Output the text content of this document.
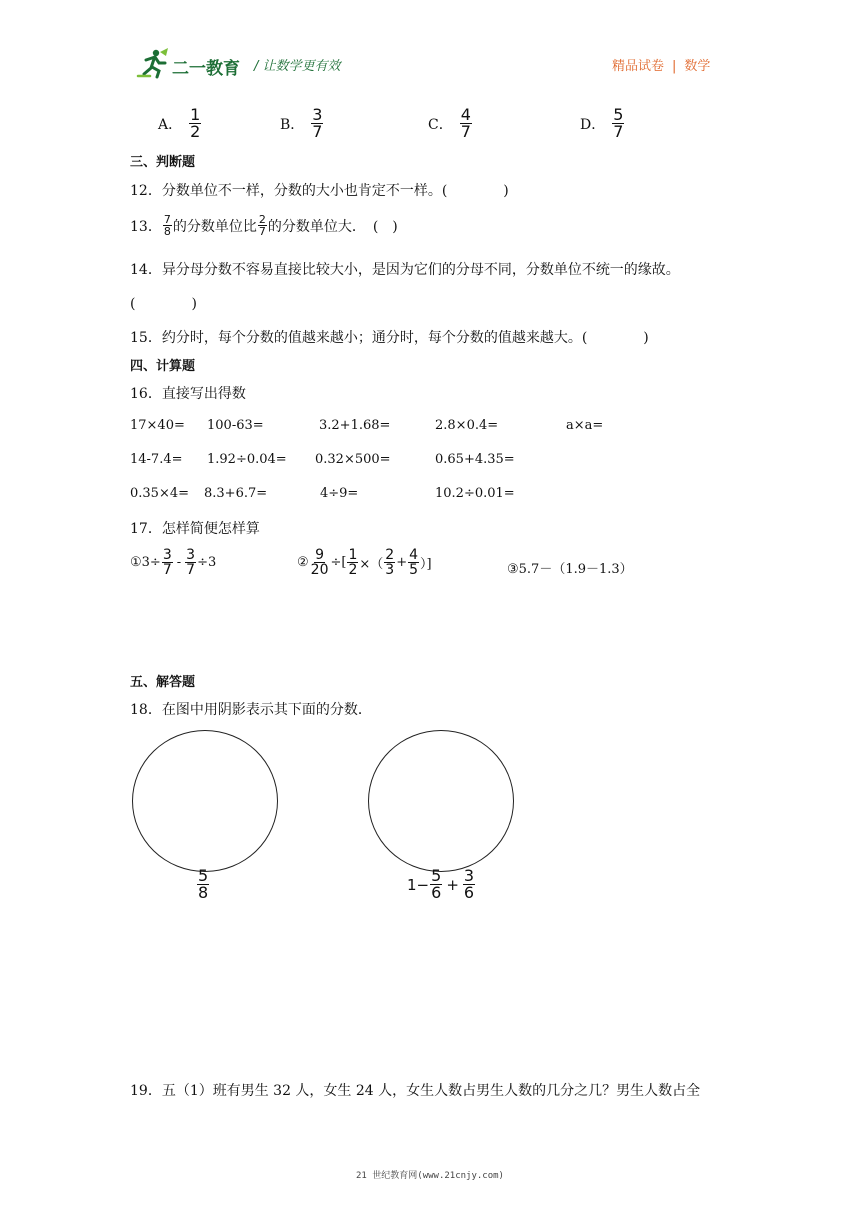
二一教育 / 让数学更有效	精品试卷 | 数学
A． $\frac{1}{2}$	B． $\frac{3}{7}$	C． $\frac{4}{7}$	D． $\frac{5}{7}$
三、判断题
12．分数单位不一样，分数的大小也肯定不一样。(　　　　)
13． $\frac{7}{8}$ 的分数单位比 $\frac{2}{7}$ 的分数单位大．　(　)
14．异分母分数不容易直接比较大小，是因为它们的分母不同，分数单位不统一的缘故。
(　　　　)
15．约分时，每个分数的值越来越小；通分时，每个分数的值越来越大。(　　　　)
四、计算题
16．直接写出得数
17×40= 100-63=	3.2+1.68=	2.8×0.4=	a×a=
14-7.4= 1.92÷0.04= 0.32×500=	0.65+4.35=
0.35×4= 8.3+6.7=	4÷9=	10.2÷0.01=
17．怎样简便怎样算
①3÷ $\frac{3}{7} - \frac{3}{7} \div 3$	② $\frac{9}{20}$ ÷[ $\frac{1}{2}$ ×（ $\frac{2}{3} + \frac{4}{5}$ ）]	③5.7－（1.9－1.3）
五、解答题
18．在图中用阴影表示其下面的分数．
$\frac{5}{8}$	$1- \frac{5}{6} + \frac{3}{6}$
19．五（1）班有男生 32 人，女生 24 人，女生人数占男生人数的几分之几？男生人数占全
21 世纪教育网(www.21cnjy.com)
